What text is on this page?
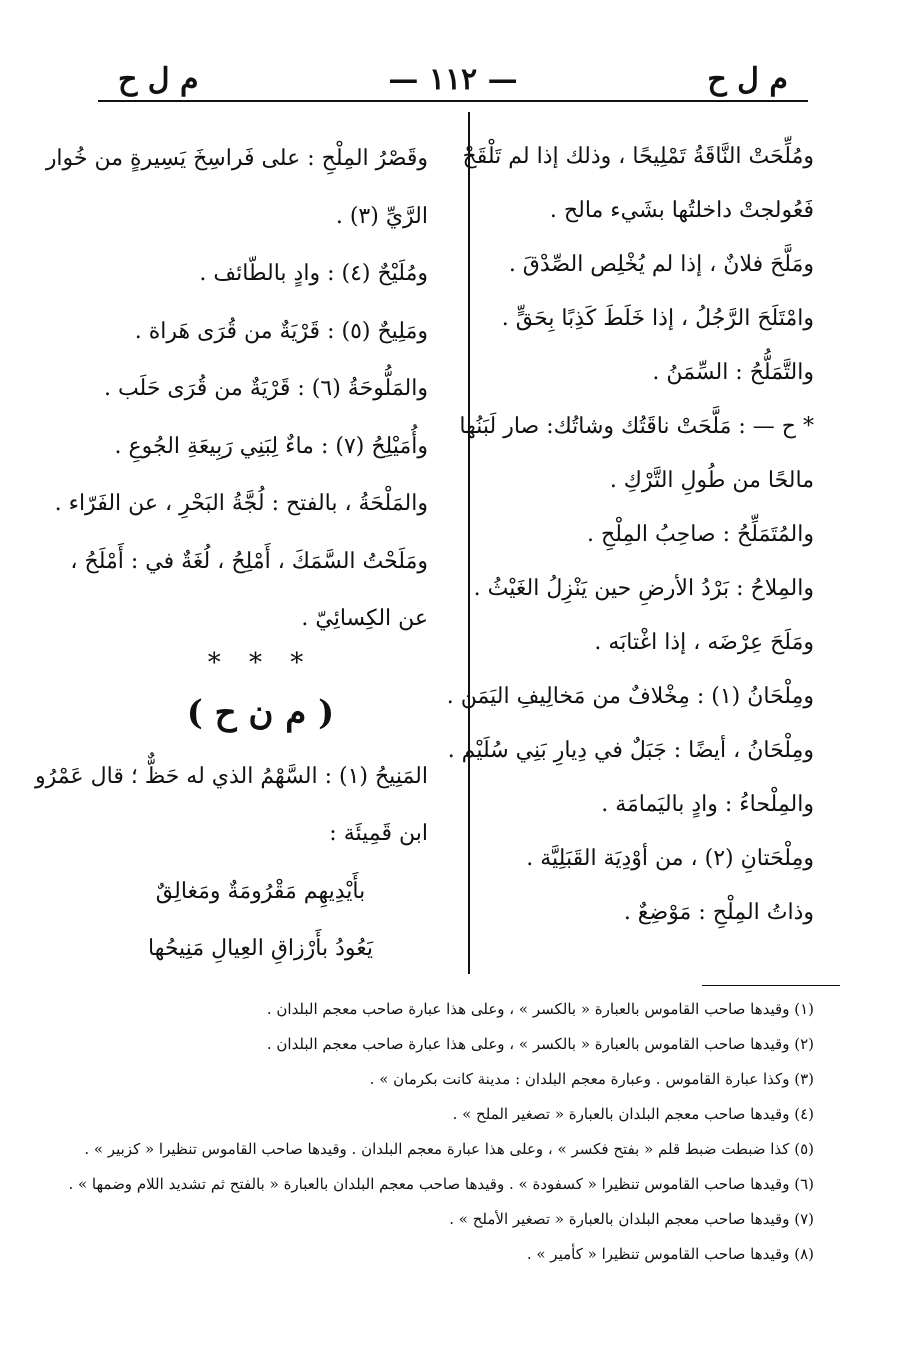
م ل ح
— ١١٢ —
م ل ح
ومُلِّحَتْ النَّاقَةُ تَمْلِيحًا ، وذلك إذا لم تَلْقَحْ
فَعُولجتْ داخلتُها بشَيء مالح .
ومَلَّحَ فلانٌ ، إذا لم يُخْلِص الصِّدْقَ .
وامْتَلَحَ الرَّجُلُ ، إذا خَلَطَ كَذِبًا بِحَقٍّ .
والتَّمَلُّحُ : السِّمَنُ .
* ح — : مَلَّحَتْ ناقَتُك وشاتُك: صار لَبَنُها
مالحًا من طُولِ التَّرْكِ .
والمُتَمَلِّحُ : صاحِبُ المِلْحِ .
والمِلاحُ : بَرْدُ الأرضِ حين يَنْزِلُ الغَيْثُ .
ومَلَحَ عِرْضَه ، إذا اغْتابَه .
ومِلْحَانُ (١) : مِخْلافٌ من مَخالِيفِ اليَمَن .
ومِلْحَانُ ، أيضًا : جَبَلٌ في دِيارِ بَنِي سُلَيْم .
والمِلْحاءُ : وادٍ باليَمامَة .
ومِلْحَتانِ (٢) ، من أوْدِيَة القَبَلِيَّة .
وذاتُ المِلْحِ : مَوْضِعٌ .
وقَصْرُ المِلْحِ : على فَراسِخَ يَسِيرةٍ من خُوار
الرَّيِّ (٣) .
ومُلَيْحٌ (٤) : وادٍ بالطّائف .
ومَلِيحٌ (٥) : قَرْيَةٌ من قُرَى هَراة .
والمَلُّوحَةُ (٦) : قَرْيَةٌ من قُرَى حَلَب .
وأُمَيْلِحُ (٧) : ماءٌ لِبَنِي رَبِيعَةِ الجُوعِ .
والمَلْحَةُ ، بالفتح : لُجَّةُ البَحْرِ ، عن الفَرّاء .
ومَلَحْتُ السَّمَكَ ، أَمْلِحُ ، لُغَةٌ في : أَمْلَحُ ،
عن الكِسائِيّ .
* * *
( م ن ح )
المَنِيحُ (١) : السَّهْمُ الذي له حَظٌّ ؛ قال عَمْرُو
ابن قَمِيئَة :
بأَيْدِيهِم مَقْرُومَةٌ ومَغالِقٌ
يَعُودُ بأَرْزاقِ العِيالِ مَنِيحُها
(١) وقيدها صاحب القاموس بالعبارة « بالكسر » ، وعلى هذا عبارة صاحب معجم البلدان .
(٢) وقيدها صاحب القاموس بالعبارة « بالكسر » ، وعلى هذا عبارة صاحب معجم البلدان .
(٣) وكذا عبارة القاموس . وعبارة معجم البلدان : مدينة كانت بكرمان » .
(٤) وقيدها صاحب معجم البلدان بالعبارة « تصغير الملح » .
(٥) كذا ضبطت ضبط قلم « بفتح فكسر » ، وعلى هذا عبارة معجم البلدان . وقيدها صاحب القاموس تنظيرا « كزبير » .
(٦) وقيدها صاحب القاموس تنظيرا « كسفودة » . وقيدها صاحب معجم البلدان بالعبارة « بالفتح ثم تشديد اللام وضمها » .
(٧) وقيدها صاحب معجم البلدان بالعبارة « تصغير الأملح » .
(٨) وقيدها صاحب القاموس تنظيرا « كأمير » .
